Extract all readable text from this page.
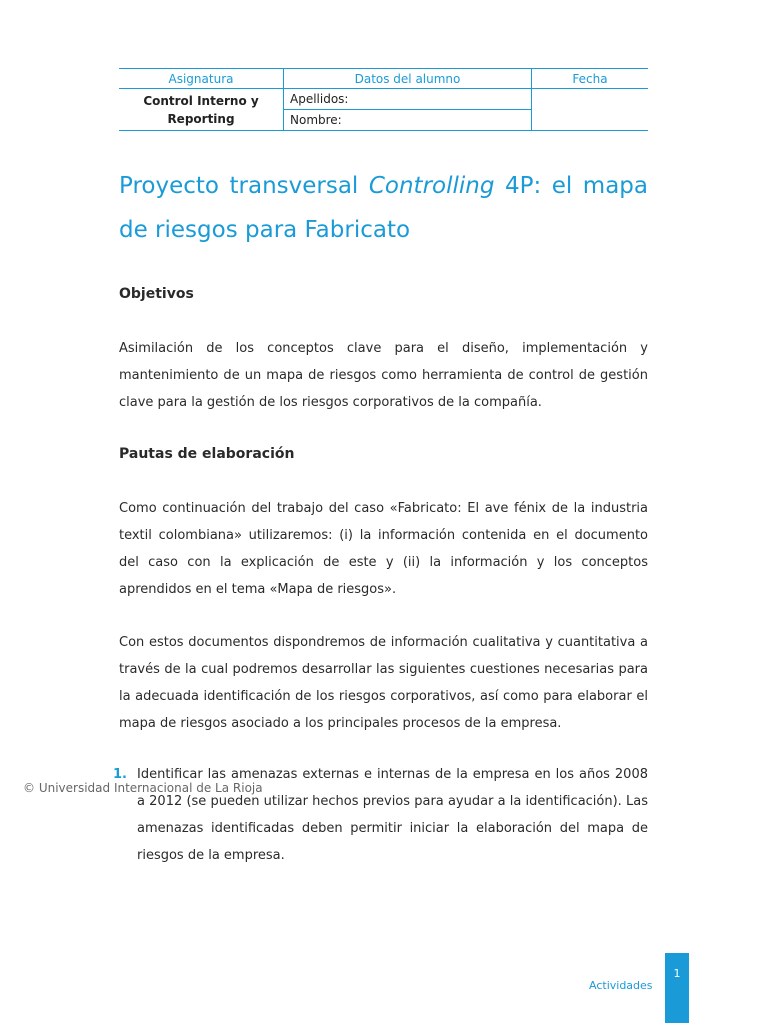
Asignatura	Datos del alumno	Fecha
Control Interno y Reporting	Apellidos:	
	Nombre:	
Proyecto transversal Controlling 4P: el mapa de riesgos para Fabricato
Objetivos

Asimilación de los conceptos clave para el diseño, implementación y mantenimiento de un mapa de riesgos como herramienta de control de gestión clave para la gestión de los riesgos corporativos de la compañía.

Pautas de elaboración

Como continuación del trabajo del caso «Fabricato: El ave fénix de la industria textil colombiana» utilizaremos: (i) la información contenida en el documento del caso con la explicación de este y (ii) la información y los conceptos aprendidos en el tema «Mapa de riesgos».

Con estos documentos dispondremos de información cualitativa y cuantitativa a través de la cual podremos desarrollar las siguientes cuestiones necesarias para la adecuada identificación de los riesgos corporativos, así como para elaborar el mapa de riesgos asociado a los principales procesos de la empresa.

1. Identificar las amenazas externas e internas de la empresa en los años 2008 a 2012 (se pueden utilizar hechos previos para ayudar a la identificación). Las amenazas identificadas deben permitir iniciar la elaboración del mapa de riesgos de la empresa.

© Universidad Internacional de La Rioja
Actividades
1
